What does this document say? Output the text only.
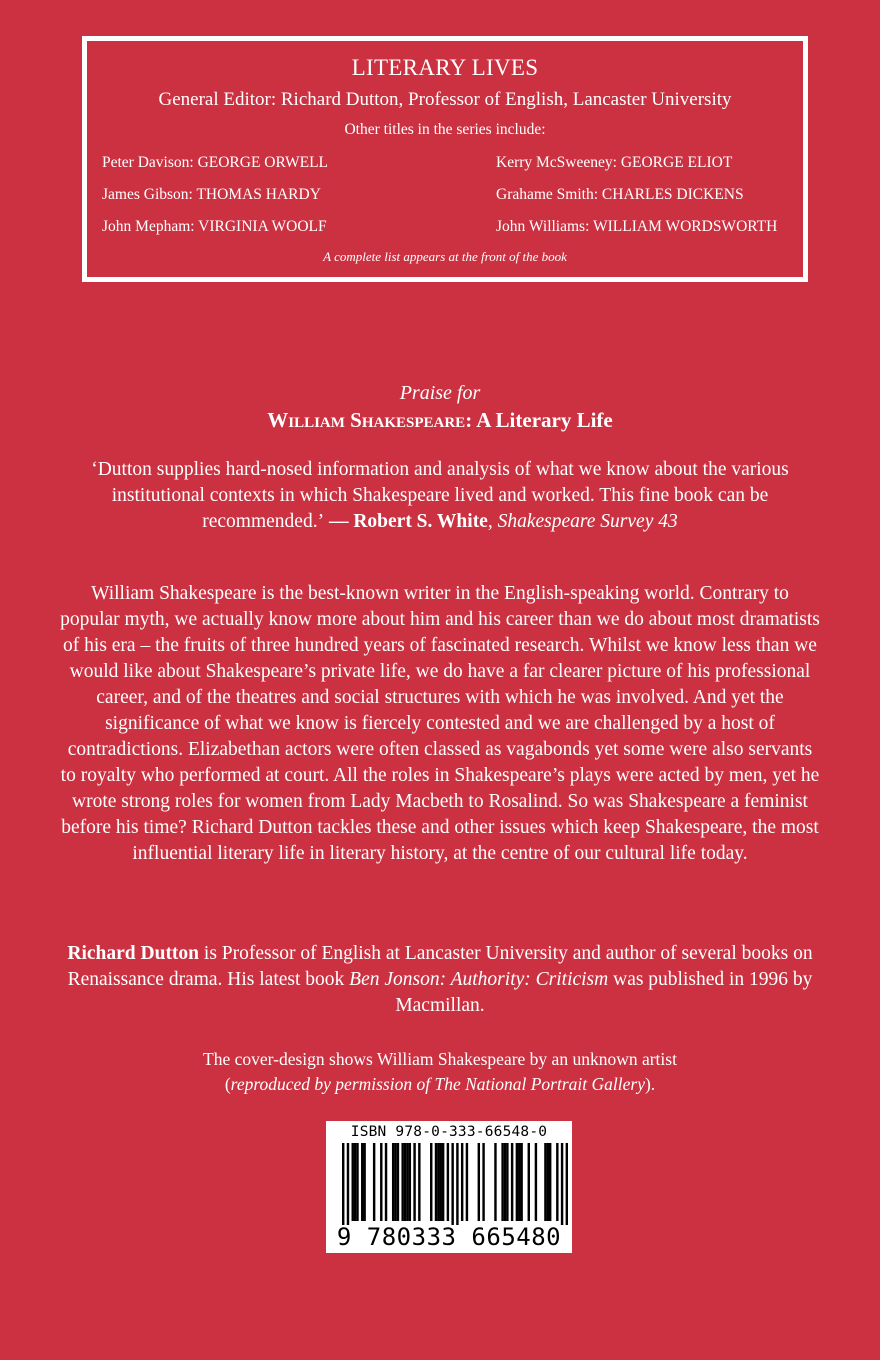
LITERARY LIVES
General Editor: Richard Dutton, Professor of English, Lancaster University
Other titles in the series include:
Peter Davison: GEORGE ORWELL	Kerry McSweeney: GEORGE ELIOT
James Gibson: THOMAS HARDY	Grahame Smith: CHARLES DICKENS
John Mepham: VIRGINIA WOOLF	John Williams: WILLIAM WORDSWORTH
A complete list appears at the front of the book
Praise for
William Shakespeare: A Literary Life
‘Dutton supplies hard-nosed information and analysis of what we know about the various institutional contexts in which Shakespeare lived and worked. This fine book can be recommended.’ — Robert S. White, Shakespeare Survey 43
William Shakespeare is the best-known writer in the English-speaking world. Contrary to popular myth, we actually know more about him and his career than we do about most dramatists of his era – the fruits of three hundred years of fascinated research. Whilst we know less than we would like about Shakespeare’s private life, we do have a far clearer picture of his professional career, and of the theatres and social structures with which he was involved. And yet the significance of what we know is fiercely contested and we are challenged by a host of contradictions. Elizabethan actors were often classed as vagabonds yet some were also servants to royalty who performed at court. All the roles in Shakespeare’s plays were acted by men, yet he wrote strong roles for women from Lady Macbeth to Rosalind. So was Shakespeare a feminist before his time? Richard Dutton tackles these and other issues which keep Shakespeare, the most influential literary life in literary history, at the centre of our cultural life today.
Richard Dutton is Professor of English at Lancaster University and author of several books on Renaissance drama. His latest book Ben Jonson: Authority: Criticism was published in 1996 by Macmillan.
The cover-design shows William Shakespeare by an unknown artist
(reproduced by permission of The National Portrait Gallery).
ISBN 978-0-333-66548-0
9 780333 665480
